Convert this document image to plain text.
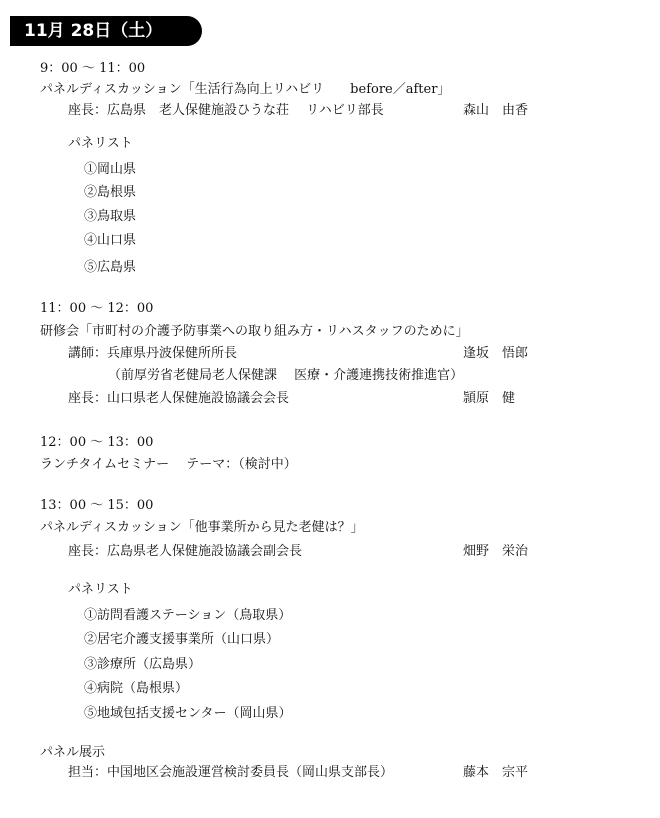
11月 28日（土）
9：00 ～ 11：00
パネルディスカッション「生活行為向上リハビリ　　before／after」
座長：広島県　老人保健施設ひうな荘　 リハビリ部長	森山　由香
パネリスト
①岡山県
②島根県
③鳥取県
④山口県
⑤広島県
11：00 ～ 12：00
研修会「市町村の介護予防事業への取り組み方・リハスタッフのために」
講師：兵庫県丹波保健所所長	逢坂　悟郎
（前厚労省老健局老人保健課　 医療・介護連携技術推進官）
座長：山口県老人保健施設協議会会長	頴原　健
12：00 ～ 13：00
ランチタイムセミナー　 テーマ：（検討中）
13：00 ～ 15：00
パネルディスカッション「他事業所から見た老健は？」
座長：広島県老人保健施設協議会副会長	畑野　栄治
パネリスト
①訪問看護ステーション（鳥取県）
②居宅介護支援事業所（山口県）
③診療所（広島県）
④病院（島根県）
⑤地域包括支援センター（岡山県）
パネル展示
担当：中国地区会施設運営検討委員長（岡山県支部長）	藤本　宗平
